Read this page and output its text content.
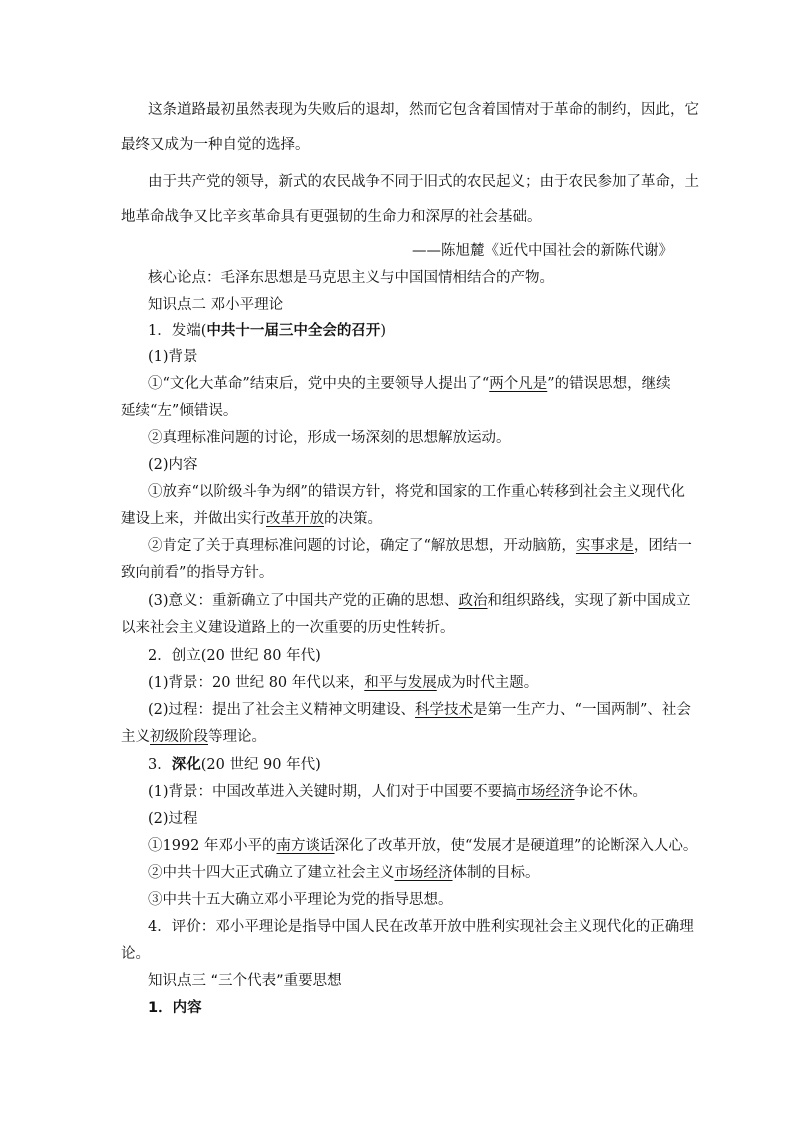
这条道路最初虽然表现为失败后的退却，然而它包含着国情对于革命的制约，因此，它
最终又成为一种自觉的选择。
由于共产党的领导，新式的农民战争不同于旧式的农民起义；由于农民参加了革命，土
地革命战争又比辛亥革命具有更强韧的生命力和深厚的社会基础。
——陈旭麓《近代中国社会的新陈代谢》
核心论点：毛泽东思想是马克思主义与中国国情相结合的产物。
知识点二 邓小平理论
1．发端(中共十一届三中全会的召开)
(1)背景
①“文化大革命”结束后，党中央的主要领导人提出了“两个凡是”的错误思想，继续
延续“左”倾错误。
②真理标准问题的讨论，形成一场深刻的思想解放运动。
(2)内容
①放弃“以阶级斗争为纲”的错误方针，将党和国家的工作重心转移到社会主义现代化
建设上来，并做出实行改革开放的决策。
②肯定了关于真理标准问题的讨论，确定了“解放思想，开动脑筋，实事求是，团结一
致向前看”的指导方针。
(3)意义：重新确立了中国共产党的正确的思想、政治和组织路线，实现了新中国成立
以来社会主义建设道路上的一次重要的历史性转折。
2．创立(20 世纪 80 年代)
(1)背景：20 世纪 80 年代以来，和平与发展成为时代主题。
(2)过程：提出了社会主义精神文明建设、科学技术是第一生产力、“一国两制”、社会
主义初级阶段等理论。
3．深化(20 世纪 90 年代)
(1)背景：中国改革进入关键时期，人们对于中国要不要搞市场经济争论不休。
(2)过程
①1992 年邓小平的南方谈话深化了改革开放，使“发展才是硬道理”的论断深入人心。
②中共十四大正式确立了建立社会主义市场经济体制的目标。
③中共十五大确立邓小平理论为党的指导思想。
4．评价：邓小平理论是指导中国人民在改革开放中胜利实现社会主义现代化的正确理
论。
知识点三 “三个代表”重要思想
1．内容
